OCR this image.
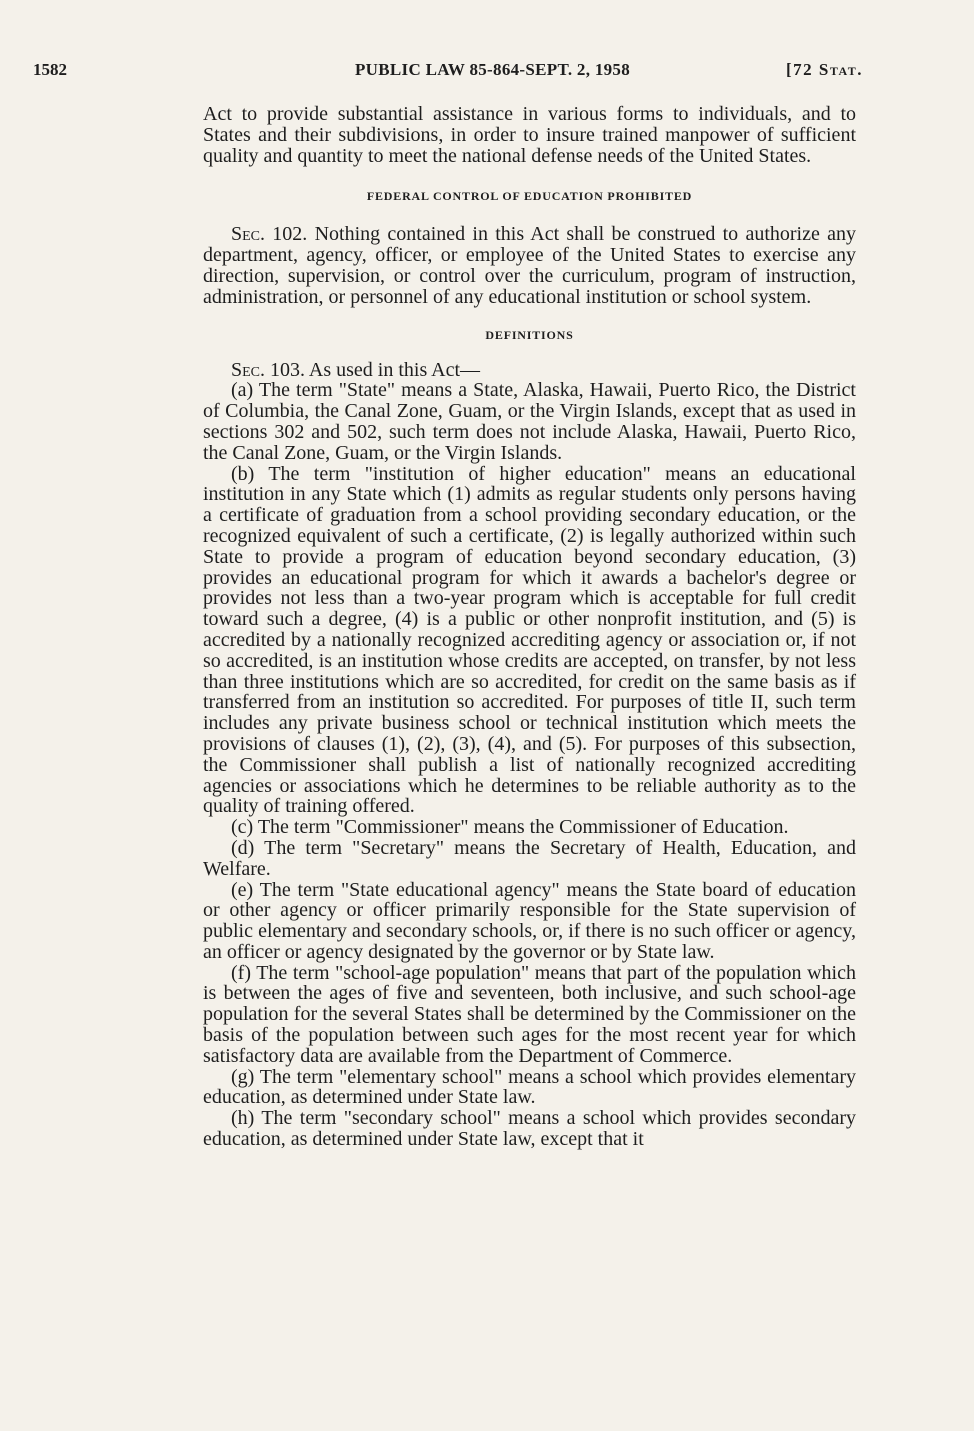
1582	PUBLIC LAW 85-864-SEPT. 2, 1958	[72 Stat.

Act to provide substantial assistance in various forms to individuals, and to States and their subdivisions, in order to insure trained manpower of sufficient quality and quantity to meet the national defense needs of the United States.

FEDERAL CONTROL OF EDUCATION PROHIBITED

Sec. 102. Nothing contained in this Act shall be construed to authorize any department, agency, officer, or employee of the United States to exercise any direction, supervision, or control over the curriculum, program of instruction, administration, or personnel of any educational institution or school system.

DEFINITIONS

Sec. 103. As used in this Act—

(a) The term "State" means a State, Alaska, Hawaii, Puerto Rico, the District of Columbia, the Canal Zone, Guam, or the Virgin Islands, except that as used in sections 302 and 502, such term does not include Alaska, Hawaii, Puerto Rico, the Canal Zone, Guam, or the Virgin Islands.

(b) The term "institution of higher education" means an educational institution in any State which (1) admits as regular students only persons having a certificate of graduation from a school providing secondary education, or the recognized equivalent of such a certificate, (2) is legally authorized within such State to provide a program of education beyond secondary education, (3) provides an educational program for which it awards a bachelor's degree or provides not less than a two-year program which is acceptable for full credit toward such a degree, (4) is a public or other nonprofit institution, and (5) is accredited by a nationally recognized accrediting agency or association or, if not so accredited, is an institution whose credits are accepted, on transfer, by not less than three institutions which are so accredited, for credit on the same basis as if transferred from an institution so accredited. For purposes of title II, such term includes any private business school or technical institution which meets the provisions of clauses (1), (2), (3), (4), and (5). For purposes of this subsection, the Commissioner shall publish a list of nationally recognized accrediting agencies or associations which he determines to be reliable authority as to the quality of training offered.

(c) The term "Commissioner" means the Commissioner of Education.

(d) The term "Secretary" means the Secretary of Health, Education, and Welfare.

(e) The term "State educational agency" means the State board of education or other agency or officer primarily responsible for the State supervision of public elementary and secondary schools, or, if there is no such officer or agency, an officer or agency designated by the governor or by State law.

(f) The term "school-age population" means that part of the population which is between the ages of five and seventeen, both inclusive, and such school-age population for the several States shall be determined by the Commissioner on the basis of the population between such ages for the most recent year for which satisfactory data are available from the Department of Commerce.

(g) The term "elementary school" means a school which provides elementary education, as determined under State law.

(h) The term "secondary school" means a school which provides secondary education, as determined under State law, except that it
